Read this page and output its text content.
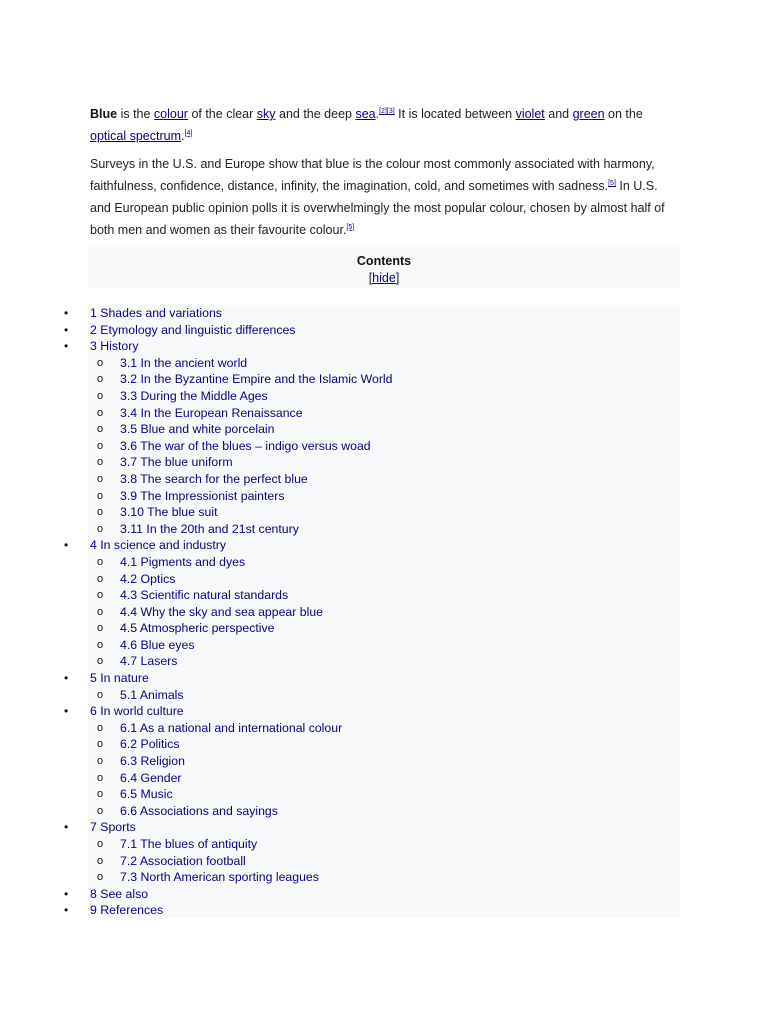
Blue is the colour of the clear sky and the deep sea.[2][3] It is located between violet and green on the optical spectrum.[4]

Surveys in the U.S. and Europe show that blue is the colour most commonly associated with harmony, faithfulness, confidence, distance, infinity, the imagination, cold, and sometimes with sadness.[5] In U.S. and European public opinion polls it is overwhelmingly the most popular colour, chosen by almost half of both men and women as their favourite colour.[5]

Contents
[hide]
• 1 Shades and variations
• 2 Etymology and linguistic differences
• 3 History
o 3.1 In the ancient world
o 3.2 In the Byzantine Empire and the Islamic World
o 3.3 During the Middle Ages
o 3.4 In the European Renaissance
o 3.5 Blue and white porcelain
o 3.6 The war of the blues – indigo versus woad
o 3.7 The blue uniform
o 3.8 The search for the perfect blue
o 3.9 The Impressionist painters
o 3.10 The blue suit
o 3.11 In the 20th and 21st century
• 4 In science and industry
o 4.1 Pigments and dyes
o 4.2 Optics
o 4.3 Scientific natural standards
o 4.4 Why the sky and sea appear blue
o 4.5 Atmospheric perspective
o 4.6 Blue eyes
o 4.7 Lasers
• 5 In nature
o 5.1 Animals
• 6 In world culture
o 6.1 As a national and international colour
o 6.2 Politics
o 6.3 Religion
o 6.4 Gender
o 6.5 Music
o 6.6 Associations and sayings
• 7 Sports
o 7.1 The blues of antiquity
o 7.2 Association football
o 7.3 North American sporting leagues
• 8 See also
• 9 References
